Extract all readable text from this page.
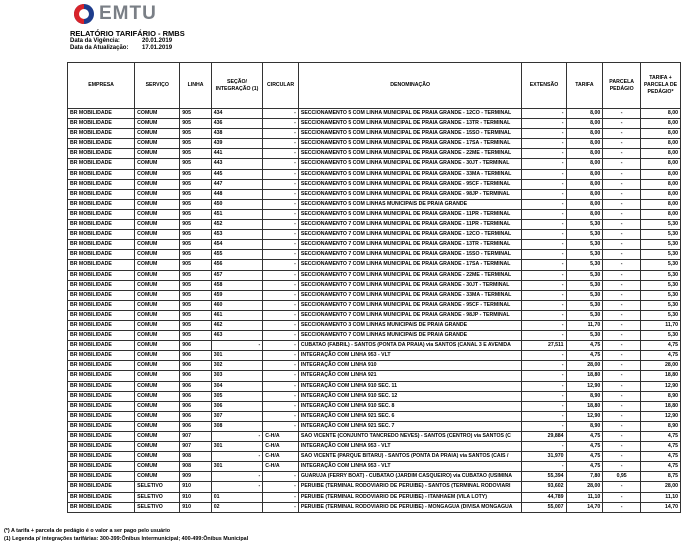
EMTU
RELATÓRIO TARIFÁRIO - RMBS
Data da Vigência:	20.01.2019
Data da Atualização: 17.01.2019
EMPRESA	SERVIÇO	LINHA	SEÇÃO/ INTEGRAÇÃO (1)	CIRCULAR	DENOMINAÇÃO	EXTENSÃO	TARIFA	PARCELA PEDÁGIO	TARIFA + PARCELA DE PEDÁGIO*
BR MOBILIDADE	COMUM	905	434	-	SECCIONAMENTO 5 COM LINHA MUNICIPAL DE PRAIA GRANDE - 12CO - TERMINAL	-	8,00	-	8,00
BR MOBILIDADE	COMUM	905	436	-	SECCIONAMENTO 5 COM LINHA MUNICIPAL DE PRAIA GRANDE - 13TR - TERMINAL	-	8,00	-	8,00
BR MOBILIDADE	COMUM	905	438	-	SECCIONAMENTO 5 COM LINHA MUNICIPAL DE PRAIA GRANDE - 15SO - TERMINAL	-	8,00	-	8,00
BR MOBILIDADE	COMUM	905	439	-	SECCIONAMENTO 5 COM LINHA MUNICIPAL DE PRAIA GRANDE - 17SA - TERMINAL	-	8,00	-	8,00
BR MOBILIDADE	COMUM	905	441	-	SECCIONAMENTO 5 COM LINHA MUNICIPAL DE PRAIA GRANDE - 22ME - TERMINAL	-	8,00	-	8,00
BR MOBILIDADE	COMUM	905	443	-	SECCIONAMENTO 5 COM LINHA MUNICIPAL DE PRAIA GRANDE - 30JT - TERMINAL	-	8,00	-	8,00
BR MOBILIDADE	COMUM	905	445	-	SECCIONAMENTO 5 COM LINHA MUNICIPAL DE PRAIA GRANDE - 33MA - TERMINAL	-	8,00	-	8,00
BR MOBILIDADE	COMUM	905	447	-	SECCIONAMENTO 5 COM LINHA MUNICIPAL DE PRAIA GRANDE - 95CF - TERMINAL	-	8,00	-	8,00
BR MOBILIDADE	COMUM	905	448	-	SECCIONAMENTO 5 COM LINHA MUNICIPAL DE PRAIA GRANDE - 98JP - TERMINAL	-	8,00	-	8,00
BR MOBILIDADE	COMUM	905	450	-	SECCIONAMENTO 5 COM LINHAS MUNICIPAIS DE PRAIA GRANDE	-	8,00	-	8,00
BR MOBILIDADE	COMUM	905	451	-	SECCIONAMENTO 5 COM LINHA MUNICIPAL DE PRAIA GRANDE - 11PR - TERMINAL	-	8,00	-	8,00
BR MOBILIDADE	COMUM	905	452	-	SECCIONAMENTO 7 COM LINHA MUNICIPAL DE PRAIA GRANDE - 11PR - TERMINAL	-	5,30	-	5,30
BR MOBILIDADE	COMUM	905	453	-	SECCIONAMENTO 7 COM LINHA MUNICIPAL DE PRAIA GRANDE - 12CO - TERMINAL	-	5,30	-	5,30
BR MOBILIDADE	COMUM	905	454	-	SECCIONAMENTO 7 COM LINHA MUNICIPAL DE PRAIA GRANDE - 13TR - TERMINAL	-	5,30	-	5,30
BR MOBILIDADE	COMUM	905	455	-	SECCIONAMENTO 7 COM LINHA MUNICIPAL DE PRAIA GRANDE - 15SO - TERMINAL	-	5,30	-	5,30
BR MOBILIDADE	COMUM	905	456	-	SECCIONAMENTO 7 COM LINHA MUNICIPAL DE PRAIA GRANDE - 17SA - TERMINAL	-	5,30	-	5,30
BR MOBILIDADE	COMUM	905	457	-	SECCIONAMENTO 7 COM LINHA MUNICIPAL DE PRAIA GRANDE - 22ME - TERMINAL	-	5,30	-	5,30
BR MOBILIDADE	COMUM	905	458	-	SECCIONAMENTO 7 COM LINHA MUNICIPAL DE PRAIA GRANDE - 30JT - TERMINAL	-	5,30	-	5,30
BR MOBILIDADE	COMUM	905	459	-	SECCIONAMENTO 7 COM LINHA MUNICIPAL DE PRAIA GRANDE - 33MA - TERMINAL	-	5,30	-	5,30
BR MOBILIDADE	COMUM	905	460	-	SECCIONAMENTO 7 COM LINHA MUNICIPAL DE PRAIA GRANDE - 95CF - TERMINAL	-	5,30	-	5,30
BR MOBILIDADE	COMUM	905	461	-	SECCIONAMENTO 7 COM LINHA MUNICIPAL DE PRAIA GRANDE - 98JP - TERMINAL	-	5,30	-	5,30
BR MOBILIDADE	COMUM	905	462	-	SECCIONAMENTO 3 COM LINHAS MUNICIPAIS DE PRAIA GRANDE	-	11,70	-	11,70
BR MOBILIDADE	COMUM	905	463	-	SECCIONAMENTO 7 COM LINHAS MUNICIPAIS DE PRAIA GRANDE	-	5,30	-	5,30
BR MOBILIDADE	COMUM	906	-	-	CUBATAO (FABRIL) - SANTOS (PONTA DA PRAIA) via SANTOS (CANAL 3 E AVENIDA	27,511	4,75	-	4,75
BR MOBILIDADE	COMUM	906	301	-	INTEGRAÇÃO COM LINHA 953 - VLT	-	4,75	-	4,75
BR MOBILIDADE	COMUM	906	302	-	INTEGRAÇÃO COM LINHA 910	-	28,00	-	28,00
BR MOBILIDADE	COMUM	906	303	-	INTEGRAÇÃO COM LINHA 921	-	18,80	-	18,80
BR MOBILIDADE	COMUM	906	304	-	INTEGRAÇÃO COM LINHA 910 SEC. 11	-	12,90	-	12,90
BR MOBILIDADE	COMUM	906	305	-	INTEGRAÇÃO COM LINHA 910 SEC. 12	-	8,90	-	8,90
BR MOBILIDADE	COMUM	906	306	-	INTEGRAÇÃO COM LINHA 910 SEC. 8	-	18,80	-	18,80
BR MOBILIDADE	COMUM	906	307	-	INTEGRAÇÃO COM LINHA 921 SEC. 6	-	12,90	-	12,90
BR MOBILIDADE	COMUM	906	308	-	INTEGRAÇÃO COM LINHA 921 SEC. 7	-	8,90	-	8,90
BR MOBILIDADE	COMUM	907	-	C-H/A	SAO VICENTE (CONJUNTO TANCREDO NEVES) - SANTOS (CENTRO) via SANTOS (C	29,884	4,75	-	4,75
BR MOBILIDADE	COMUM	907	301	C-H/A	INTEGRAÇÃO COM LINHA 953 - VLT	-	4,75	-	4,75
BR MOBILIDADE	COMUM	908	-	C-H/A	SAO VICENTE (PARQUE BITARU) - SANTOS (PONTA DA PRAIA) via SANTOS (CAIS /	31,970	4,75	-	4,75
BR MOBILIDADE	COMUM	908	301	C-H/A	INTEGRAÇÃO COM LINHA 953 - VLT	-	4,75	-	4,75
BR MOBILIDADE	COMUM	909	-	-	GUARUJA (FERRY BOAT) - CUBATAO (JARDIM CASQUEIRO) via CUBATAO (USIMINA	55,394	7,80	0,95	8,75
BR MOBILIDADE	SELETIVO	910	-	-	PERUIBE (TERMINAL RODOVIARIO DE PERUIBE) - SANTOS (TERMINAL RODOVIARI	93,602	28,00	-	28,00
BR MOBILIDADE	SELETIVO	910	01	-	PERUIBE (TERMINAL RODOVIARIO DE PERUIBE) - ITANHAEM (VILA LOTY)	44,789	11,10	-	11,10
BR MOBILIDADE	SELETIVO	910	02	-	PERUIBE (TERMINAL RODOVIARIO DE PERUIBE) - MONGAGUA (DIVISA MONGAGUA	55,007	14,70	-	14,70
(*) A tarifa + parcela de pedágio é o valor a ser pago pelo usuário
(1) Legenda p/ integrações tarifárias: 300-399:Ônibus Intermunicipal; 400-499:Ônibus Municipal
